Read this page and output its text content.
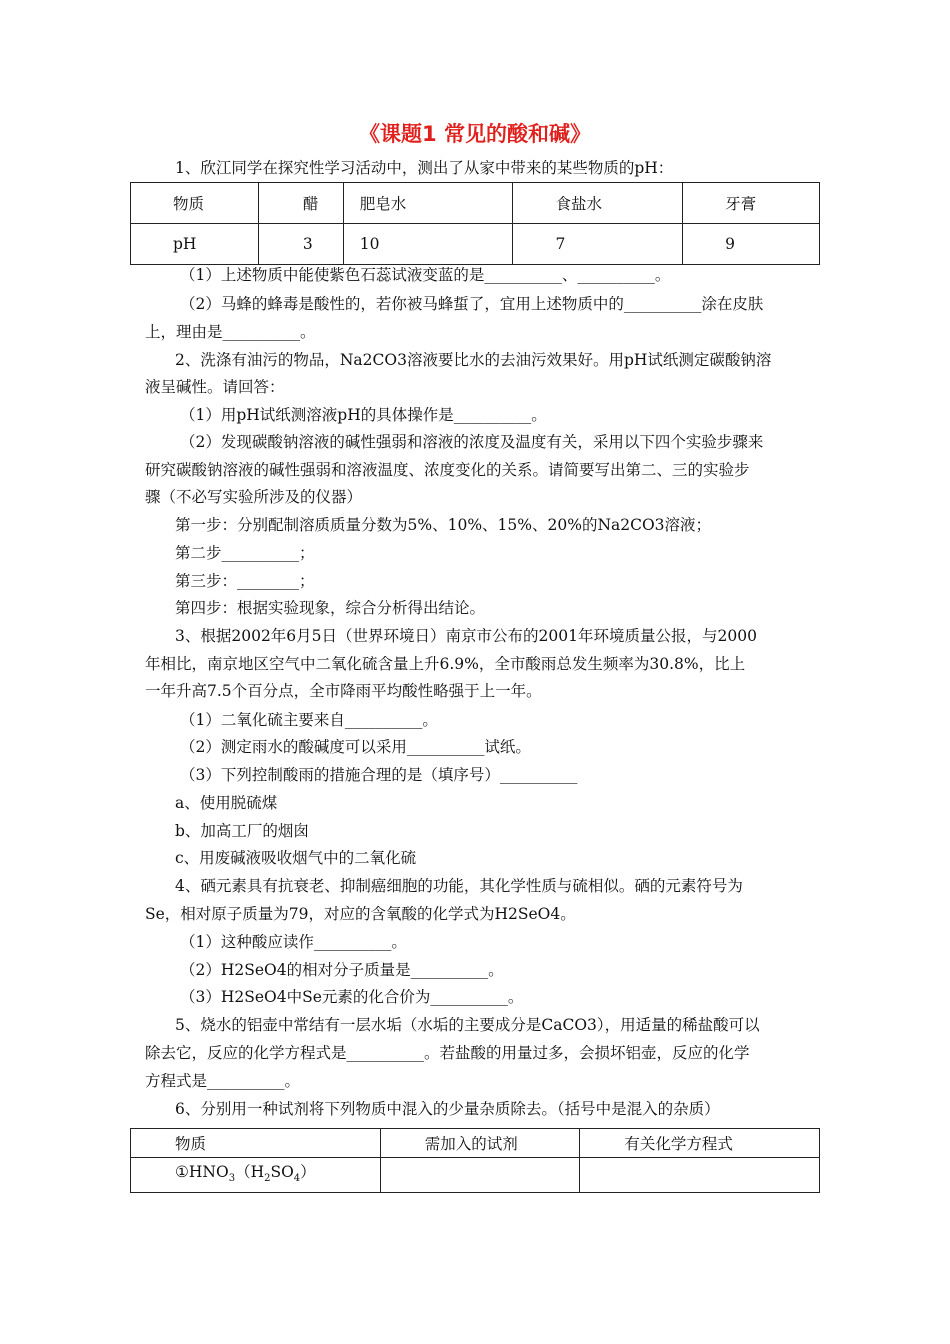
《课题1 常见的酸和碱》
1、欣江同学在探究性学习活动中，测出了从家中带来的某些物质的pH：
物质	醋	肥皂水	食盐水	牙膏
pH	3	10	7	9
（1）上述物质中能使紫色石蕊试液变蓝的是__________、__________。
（2）马蜂的蜂毒是酸性的，若你被马蜂蜇了，宜用上述物质中的__________涂在皮肤
上，理由是__________。
2、洗涤有油污的物品，Na2CO3溶液要比水的去油污效果好。用pH试纸测定碳酸钠溶
液呈碱性。请回答：
（1）用pH试纸测溶液pH的具体操作是__________。
（2）发现碳酸钠溶液的碱性强弱和溶液的浓度及温度有关，采用以下四个实验步骤来
研究碳酸钠溶液的碱性强弱和溶液温度、浓度变化的关系。请简要写出第二、三的实验步
骤（不必写实验所涉及的仪器）
第一步：分别配制溶质质量分数为5%、10%、15%、20%的Na2CO3溶液；
第二步__________；
第三步：________；
第四步：根据实验现象，综合分析得出结论。
3、根据2002年6月5日（世界环境日）南京市公布的2001年环境质量公报，与2000
年相比，南京地区空气中二氧化硫含量上升6.9%，全市酸雨总发生频率为30.8%，比上
一年升高7.5个百分点，全市降雨平均酸性略强于上一年。
（1）二氧化硫主要来自__________。
（2）测定雨水的酸碱度可以采用__________试纸。
（3）下列控制酸雨的措施合理的是（填序号）__________
a、使用脱硫煤
b、加高工厂的烟囱
c、用废碱液吸收烟气中的二氧化硫
4、硒元素具有抗衰老、抑制癌细胞的功能，其化学性质与硫相似。硒的元素符号为
Se，相对原子质量为79，对应的含氧酸的化学式为H2SeO4。
（1）这种酸应读作__________。
（2）H2SeO4的相对分子质量是__________。
（3）H2SeO4中Se元素的化合价为__________。
5、烧水的铝壶中常结有一层水垢（水垢的主要成分是CaCO3），用适量的稀盐酸可以
除去它，反应的化学方程式是__________。若盐酸的用量过多，会损坏铝壶，反应的化学
方程式是__________。
6、分别用一种试剂将下列物质中混入的少量杂质除去。（括号中是混入的杂质）
物质	需加入的试剂	有关化学方程式
$①HNO_3(H_2SO_4)$		
